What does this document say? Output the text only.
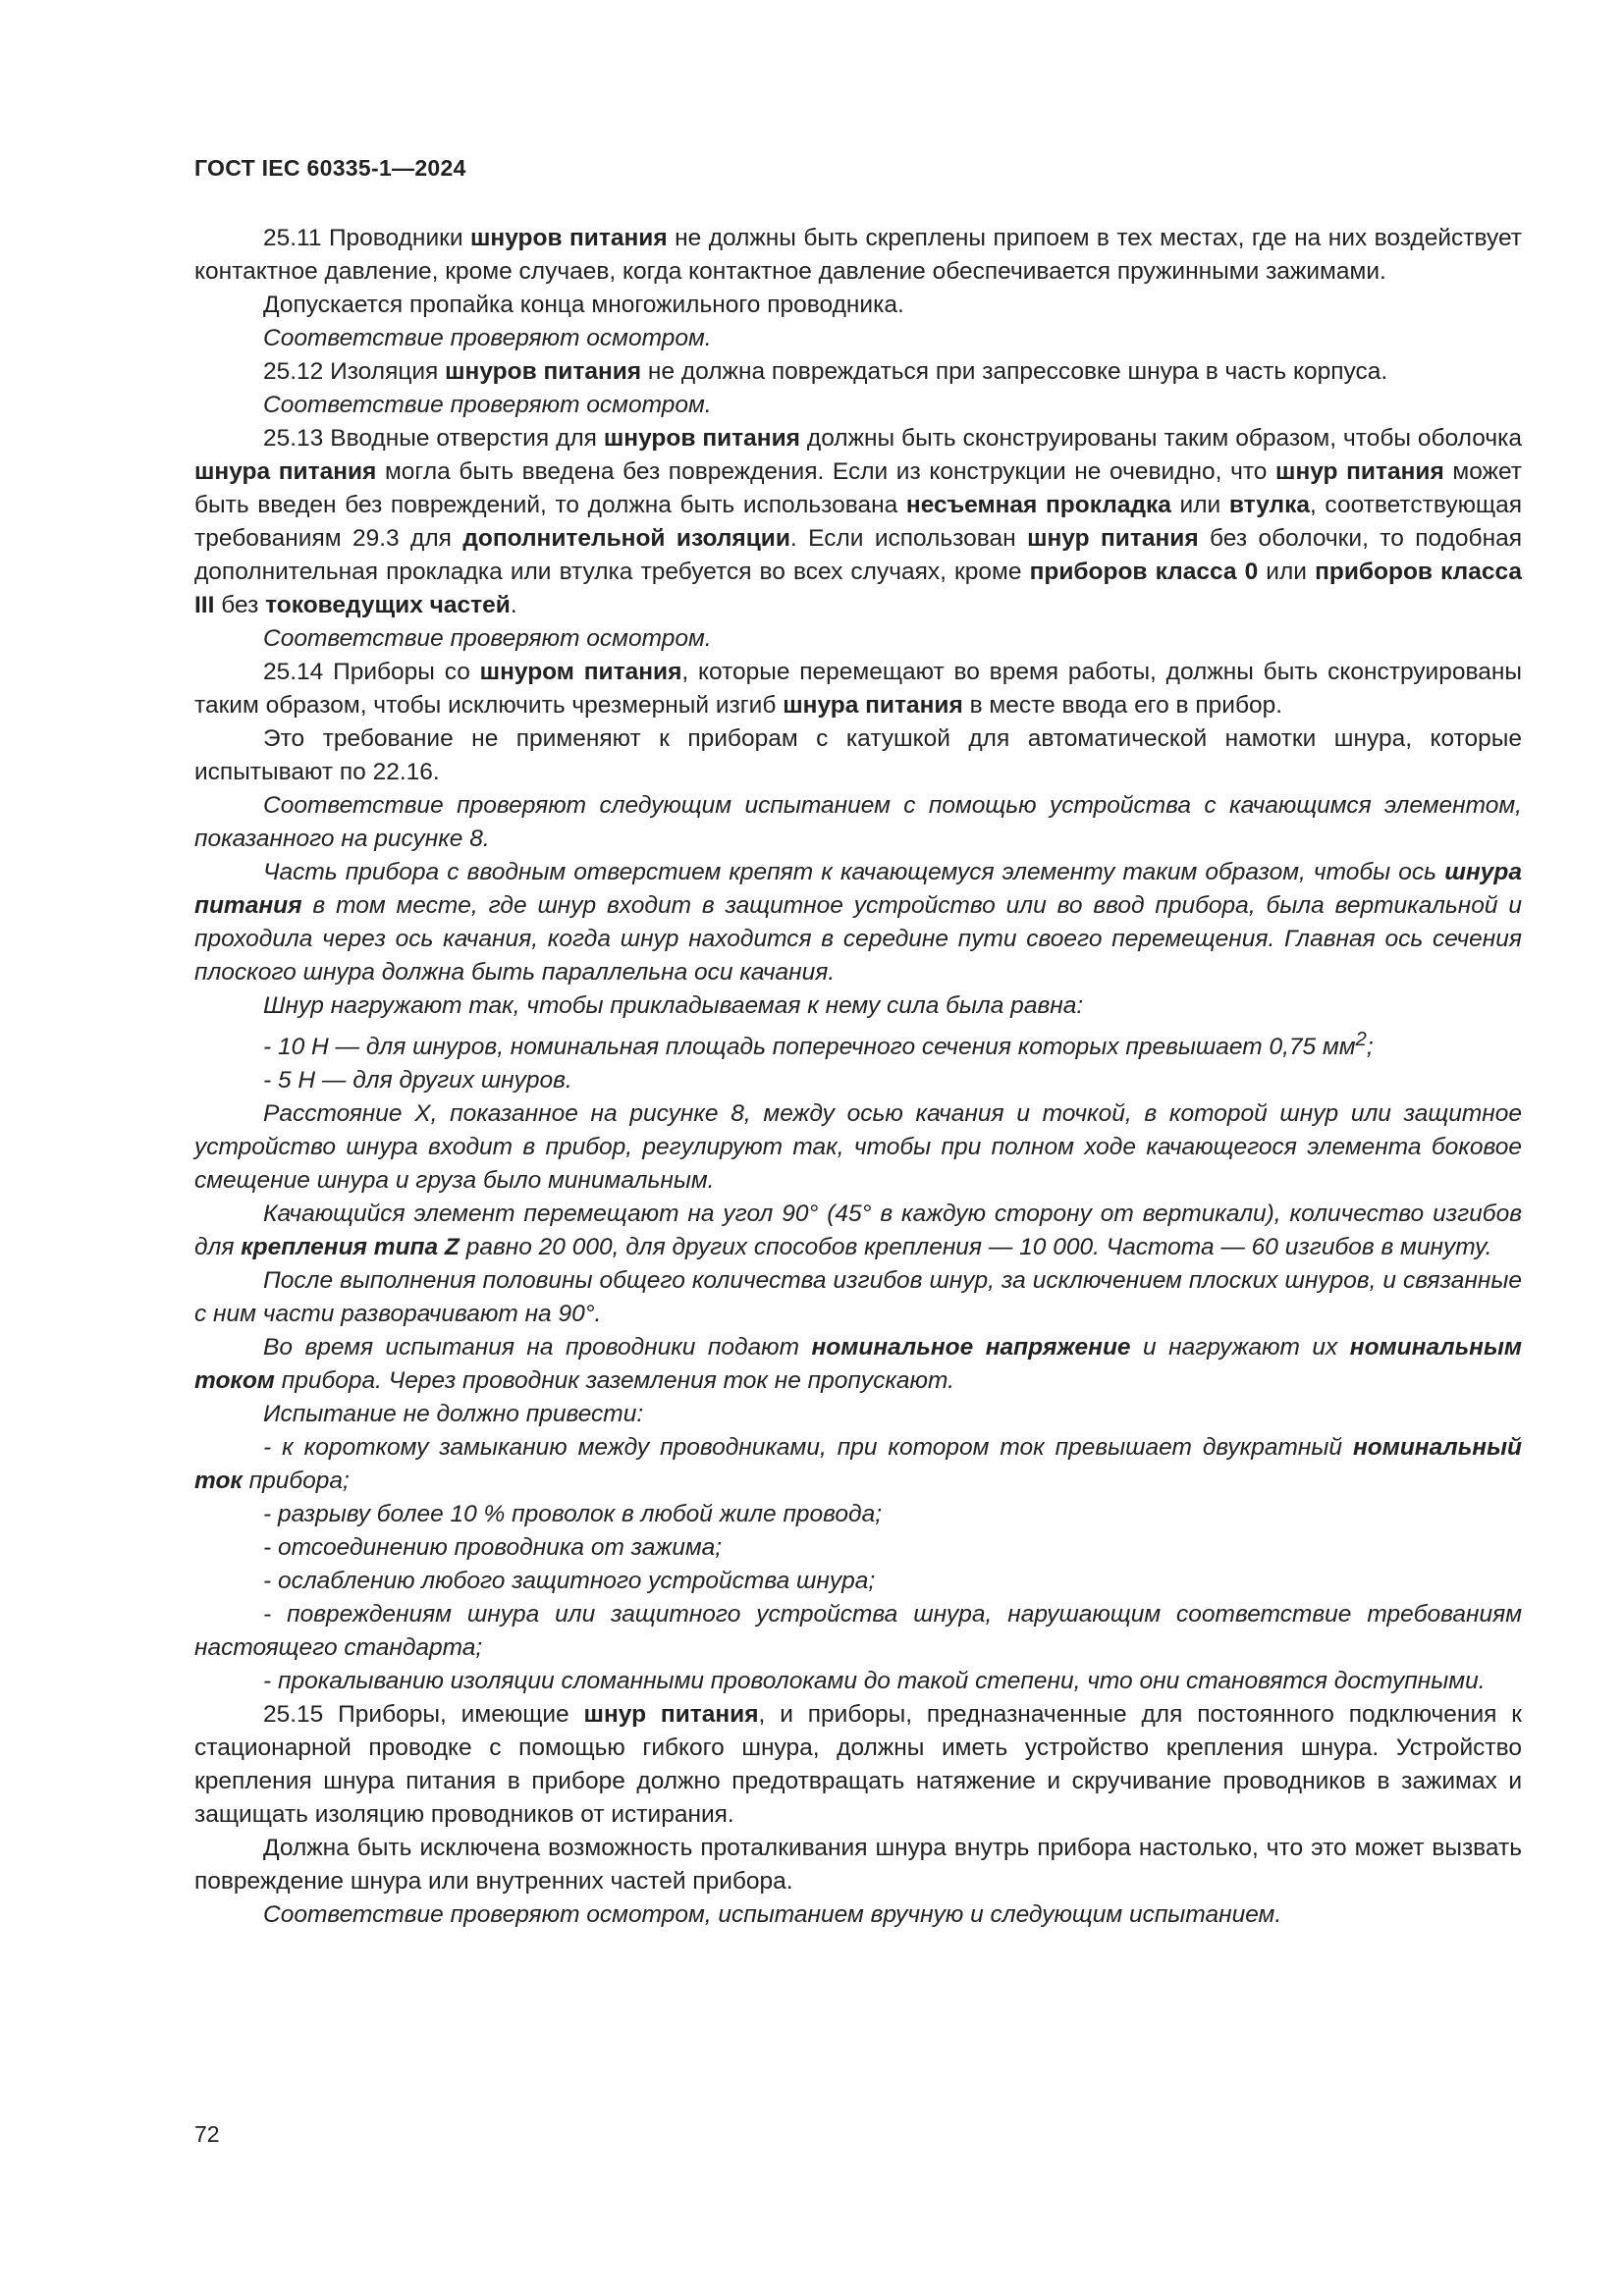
ГОСТ IEC 60335-1—2024

25.11 Проводники шнуров питания не должны быть скреплены припоем в тех местах, где на них воздействует контактное давление, кроме случаев, когда контактное давление обеспечивается пружинными зажимами.

Допускается пропайка конца многожильного проводника.

Соответствие проверяют осмотром.

25.12 Изоляция шнуров питания не должна повреждаться при запрессовке шнура в часть корпуса.

Соответствие проверяют осмотром.

25.13 Вводные отверстия для шнуров питания должны быть сконструированы таким образом, чтобы оболочка шнура питания могла быть введена без повреждения. Если из конструкции не очевидно, что шнур питания может быть введен без повреждений, то должна быть использована несъемная прокладка или втулка, соответствующая требованиям 29.3 для дополнительной изоляции. Если использован шнур питания без оболочки, то подобная дополнительная прокладка или втулка требуется во всех случаях, кроме приборов класса 0 или приборов класса III без токоведущих частей.

Соответствие проверяют осмотром.

25.14 Приборы со шнуром питания, которые перемещают во время работы, должны быть сконструированы таким образом, чтобы исключить чрезмерный изгиб шнура питания в месте ввода его в прибор.

Это требование не применяют к приборам с катушкой для автоматической намотки шнура, которые испытывают по 22.16.

Соответствие проверяют следующим испытанием с помощью устройства с качающимся элементом, показанного на рисунке 8.

Часть прибора с вводным отверстием крепят к качающемуся элементу таким образом, чтобы ось шнура питания в том месте, где шнур входит в защитное устройство или во ввод прибора, была вертикальной и проходила через ось качания, когда шнур находится в середине пути своего перемещения. Главная ось сечения плоского шнура должна быть параллельна оси качания.

Шнур нагружают так, чтобы прикладываемая к нему сила была равна:

- 10 Н — для шнуров, номинальная площадь поперечного сечения которых превышает 0,75 $мм^2$;

- 5 Н — для других шнуров.

Расстояние X, показанное на рисунке 8, между осью качания и точкой, в которой шнур или защитное устройство шнура входит в прибор, регулируют так, чтобы при полном ходе качающегося элемента боковое смещение шнура и груза было минимальным.

Качающийся элемент перемещают на угол 90° (45° в каждую сторону от вертикали), количество изгибов для крепления типа Z равно 20 000, для других способов крепления — 10 000. Частота — 60 изгибов в минуту.

После выполнения половины общего количества изгибов шнур, за исключением плоских шнуров, и связанные с ним части разворачивают на 90°.

Во время испытания на проводники подают номинальное напряжение и нагружают их номинальным током прибора. Через проводник заземления ток не пропускают.

Испытание не должно привести:

- к короткому замыканию между проводниками, при котором ток превышает двукратный номинальный ток прибора;

- разрыву более 10 % проволок в любой жиле провода;

- отсоединению проводника от зажима;

- ослаблению любого защитного устройства шнура;

- повреждениям шнура или защитного устройства шнура, нарушающим соответствие требованиям настоящего стандарта;

- прокалыванию изоляции сломанными проволоками до такой степени, что они становятся доступными.

25.15 Приборы, имеющие шнур питания, и приборы, предназначенные для постоянного подключения к стационарной проводке с помощью гибкого шнура, должны иметь устройство крепления шнура. Устройство крепления шнура питания в приборе должно предотвращать натяжение и скручивание проводников в зажимах и защищать изоляцию проводников от истирания.

Должна быть исключена возможность проталкивания шнура внутрь прибора настолько, что это может вызвать повреждение шнура или внутренних частей прибора.

Соответствие проверяют осмотром, испытанием вручную и следующим испытанием.

72
